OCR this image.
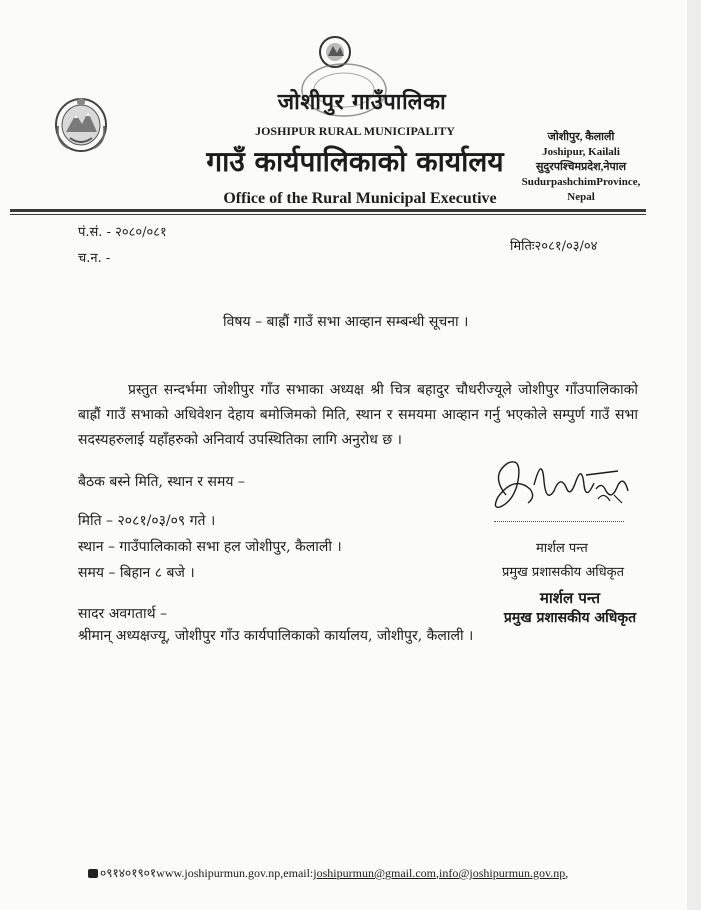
जोशीपुर गाउँपालिका
JOSHIPUR RURAL MUNICIPALITY
गाउँ कार्यपालिकाको कार्यालय
Office of the Rural Municipal Executive
जोशीपुर, कैलाली
Joshipur, Kailali
सुदुरपश्चिमप्रदेश,नेपाल
SudurpashchimProvince,
Nepal
पं.सं. - २०८०/०८१
च.न. -
मितिः२०८१/०३/०४
विषय – बाह्रौं गाउँ सभा आव्हान सम्बन्धी सूचना ।
प्रस्तुत सन्दर्भमा जोशीपुर गाँउ सभाका अध्यक्ष श्री चित्र बहादुर चौधरीज्यूले जोशीपुर गाँउपालिकाको बाह्रौं गाउँ सभाको अधिवेशन देहाय बमोजिमको मिति, स्थान र समयमा आव्हान गर्नु भएकोले सम्पुर्ण गाउँ सभा सदस्यहरुलाई यहाँहरुको अनिवार्य उपस्थितिका लागि अनुरोध छ ।
बैठक बस्ने मिति, स्थान र समय –
मिति – २०८१/०३/०९ गते ।
स्थान – गाउँपालिकाको सभा हल जोशीपुर, कैलाली ।
समय – बिहान ८ बजे ।
सादर अवगतार्थ –
श्रीमान् अध्यक्षज्यू, जोशीपुर गाँउ कार्यपालिकाको कार्यालय, जोशीपुर, कैलाली ।
मार्शल पन्त
प्रमुख प्रशासकीय अधिकृत
मार्शल पन्त
प्रमुख प्रशासकीय अधिकृत
०९१४०१९०१www.joshipurmun.gov.np,email:joshipurmun@gmail.com,info@joshipurmun.gov.np,
